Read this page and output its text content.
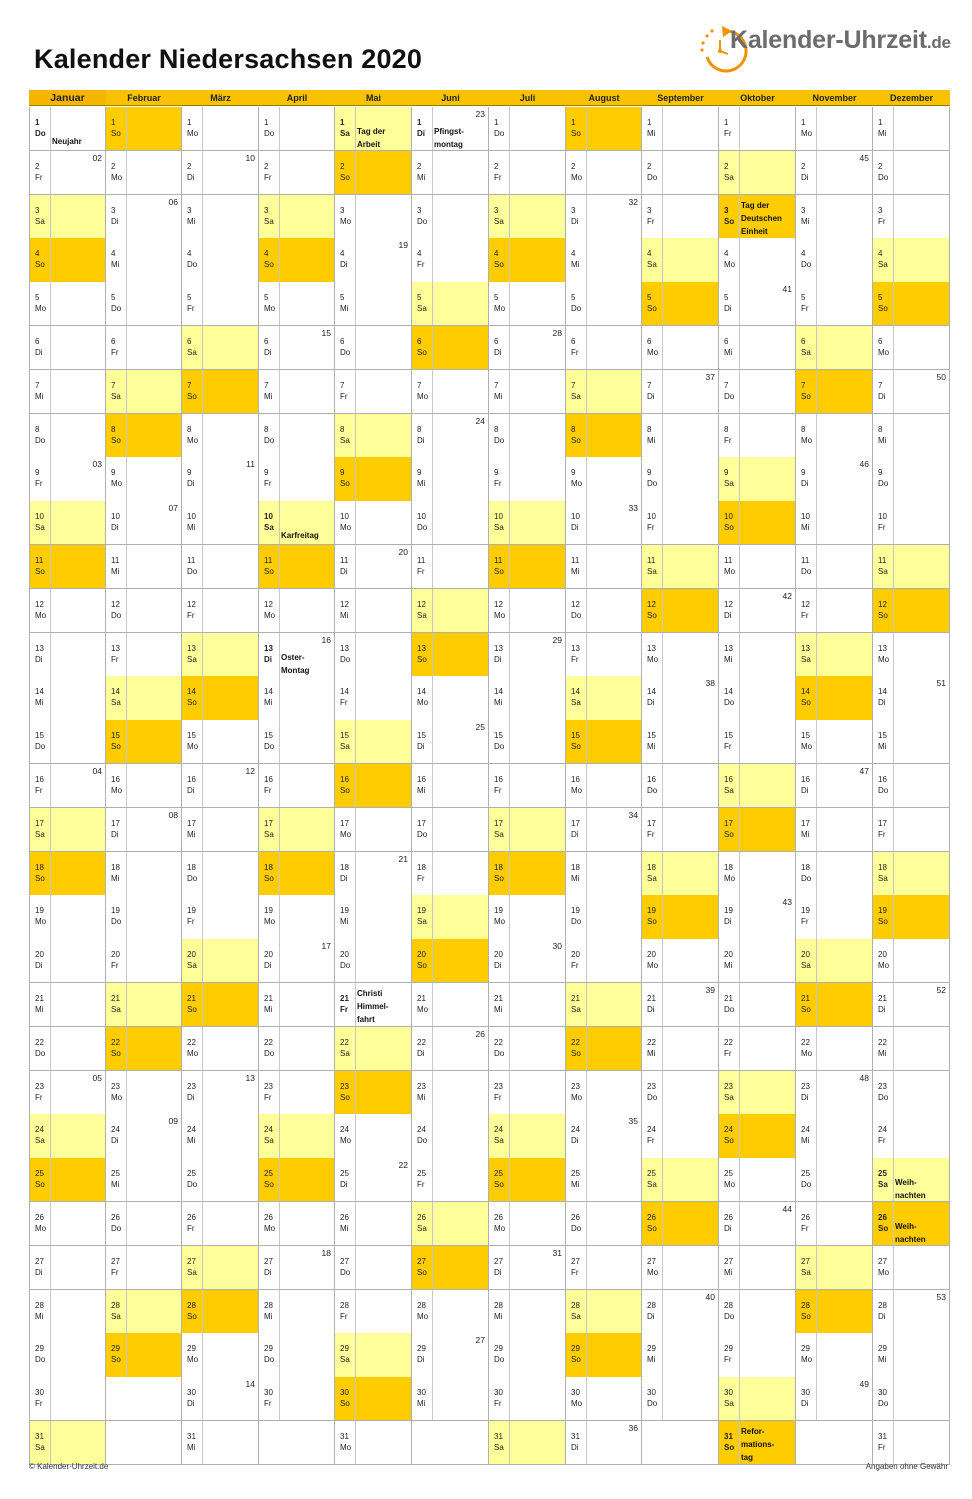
Kalender Niedersachsen 2020
Kalender-Uhrzeit.de
Januar
1
Do
Neujahr
2
Fr
02
3
Sa
4
So
5
Mo
6
Di
7
Mi
8
Do
9
Fr
03
10
Sa
11
So
12
Mo
13
Di
14
Mi
15
Do
16
Fr
04
17
Sa
18
So
19
Mo
20
Di
21
Mi
22
Do
23
Fr
05
24
Sa
25
So
26
Mo
27
Di
28
Mi
29
Do
30
Fr
31
Sa
Februar
1
So
2
Mo
3
Di
06
4
Mi
5
Do
6
Fr
7
Sa
8
So
9
Mo
10
Di
07
11
Mi
12
Do
13
Fr
14
Sa
15
So
16
Mo
17
Di
08
18
Mi
19
Do
20
Fr
21
Sa
22
So
23
Mo
24
Di
09
25
Mi
26
Do
27
Fr
28
Sa
29
So
März
1
Mo
2
Di
10
3
Mi
4
Do
5
Fr
6
Sa
7
So
8
Mo
9
Di
11
10
Mi
11
Do
12
Fr
13
Sa
14
So
15
Mo
16
Di
12
17
Mi
18
Do
19
Fr
20
Sa
21
So
22
Mo
23
Di
13
24
Mi
25
Do
26
Fr
27
Sa
28
So
29
Mo
30
Di
14
31
Mi
April
1
Do
2
Fr
3
Sa
4
So
5
Mo
6
Di
15
7
Mi
8
Do
9
Fr
10
Sa
Karfreitag
11
So
12
Mo
13
Di
16
Oster-
Montag
14
Mi
15
Do
16
Fr
17
Sa
18
So
19
Mo
20
Di
17
21
Mi
22
Do
23
Fr
24
Sa
25
So
26
Mo
27
Di
18
28
Mi
29
Do
30
Fr
Mai
1
Sa Tag der
Arbeit
2
So
3
Mo
4
Di
19
5
Mi
6
Do
7
Fr
8
Sa
9
So
10
Mo
11
Di
20
12
Mi
13
Do
14
Fr
15
Sa
16
So
17
Mo
18
Di
21
19
Mi
20
Do
21
Fr
Christi
Himmel-
fahrt
22
Sa
23
So
24
Mo
25
Di
22
26
Mi
27
Do
28
Fr
29
Sa
30
So
31
Mo
Juni
1
Di
23
Pfingst-
montag
2
Mi
3
Do
4
Fr
5
Sa
6
So
7
Mo
8
Di
24
9
Mi
10
Do
11
Fr
12
Sa
13
So
14
Mo
15
Di
25
16
Mi
17
Do
18
Fr
19
Sa
20
So
21
Mo
22
Di
26
23
Mi
24
Do
25
Fr
26
Sa
27
So
28
Mo
29
Di
27
30
Mi
Juli
1
Do
2
Fr
3
Sa
4
So
5
Mo
6
Di
28
7
Mi
8
Do
9
Fr
10
Sa
11
So
12
Mo
13
Di
29
14
Mi
15
Do
16
Fr
17
Sa
18
So
19
Mo
20
Di
30
21
Mi
22
Do
23
Fr
24
Sa
25
So
26
Mo
27
Di
31
28
Mi
29
Do
30
Fr
31
Sa
August
1
So
2
Mo
3
Di
32
4
Mi
5
Do
6
Fr
7
Sa
8
So
9
Mo
10
Di
33
11
Mi
12
Do
13
Fr
14
Sa
15
So
16
Mo
17
Di
34
18
Mi
19
Do
20
Fr
21
Sa
22
So
23
Mo
24
Di
35
25
Mi
26
Do
27
Fr
28
Sa
29
So
30
Mo
31
Di
36
September
1
Mi
2
Do
3
Fr
4
Sa
5
So
6
Mo
7
Di
37
8
Mi
9
Do
10
Fr
11
Sa
12
So
13
Mo
14
Di
38
15
Mi
16
Do
17
Fr
18
Sa
19
So
20
Mo
21
Di
39
22
Mi
23
Do
24
Fr
25
Sa
26
So
27
Mo
28
Di
40
29
Mi
30
Do
Oktober
1
Fr
2
Sa
3
So
Tag der
Deutschen
Einheit
4
Mo
5
Di
41
6
Mi
7
Do
8
Fr
9
Sa
10
So
11
Mo
12
Di
42
13
Mi
14
Do
15
Fr
16
Sa
17
So
18
Mo
19
Di
43
20
Mi
21
Do
22
Fr
23
Sa
24
So
25
Mo
26
Di
44
27
Mi
28
Do
29
Fr
30
Sa
31
So
Refor-
mations-
tag
November
1
Mo
2
Di
45
3
Mi
4
Do
5
Fr
6
Sa
7
So
8
Mo
9
Di
46
10
Mi
11
Do
12
Fr
13
Sa
14
So
15
Mo
16
Di
47
17
Mi
18
Do
19
Fr
20
Sa
21
So
22
Mo
23
Di
48
24
Mi
25
Do
26
Fr
27
Sa
28
So
29
Mo
30
Di
49
Dezember
1
Mi
2
Do
3
Fr
4
Sa
5
So
6
Mo
7
Di
50
8
Mi
9
Do
10
Fr
11
Sa
12
So
13
Mo
14
Di
51
15
Mi
16
Do
17
Fr
18
Sa
19
So
20
Mo
21
Di
52
22
Mi
23
Do
24
Fr
25
Sa Weih-
nachten
26
So Weih-
nachten
27
Mo
28
Di
53
29
Mi
30
Do
31
Fr
© Kalender-Uhrzeit.de	Angaben ohne Gewähr
